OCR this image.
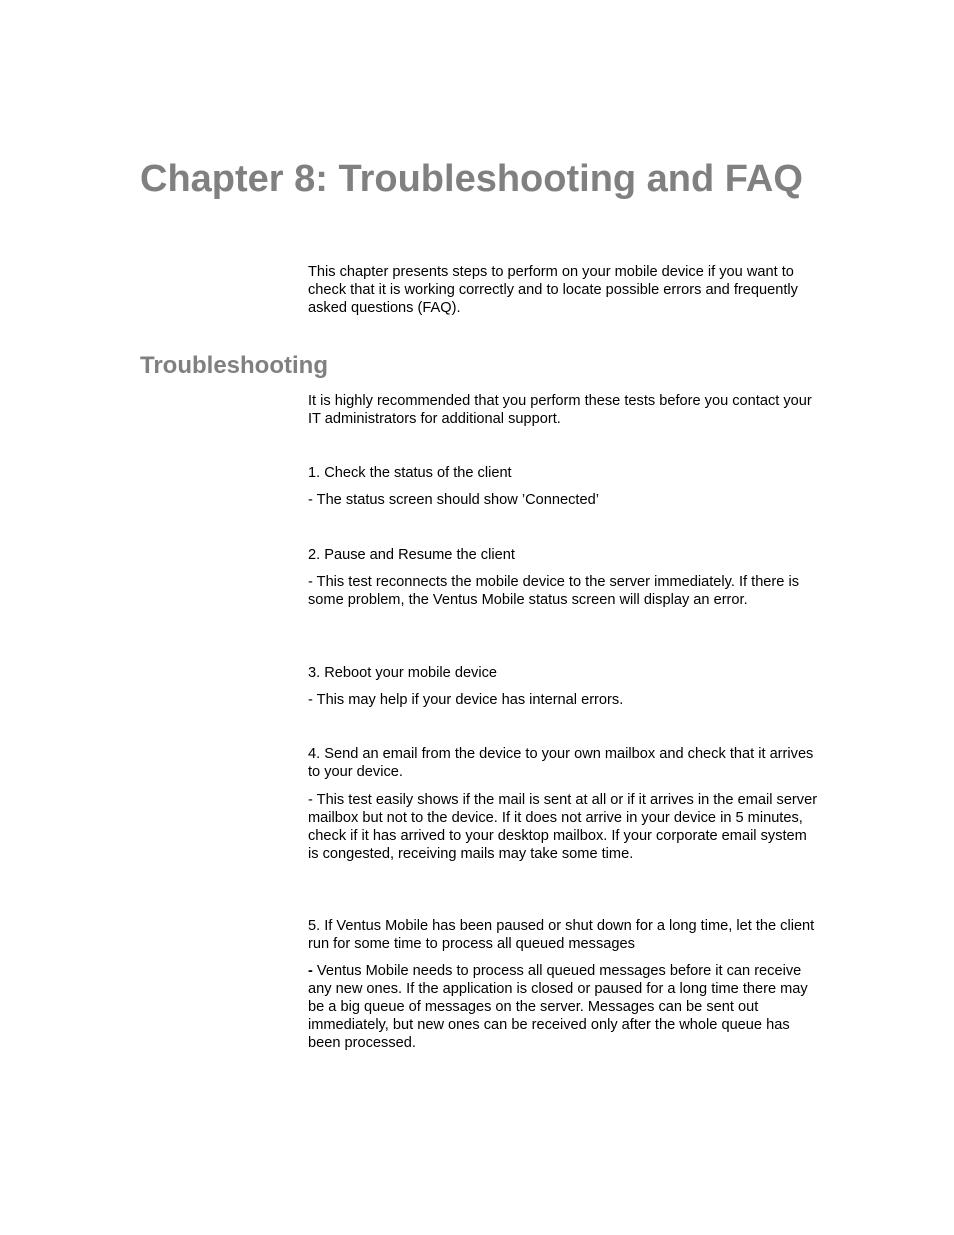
Chapter 8: Troubleshooting and FAQ

This chapter presents steps to perform on your mobile device if you want to check that it is working correctly and to locate possible errors and frequently asked questions (FAQ).

Troubleshooting

It is highly recommended that you perform these tests before you contact your IT administrators for additional support.

1. Check the status of the client

- The status screen should show ’Connected’

2. Pause and Resume the client

- This test reconnects the mobile device to the server immediately. If there is some problem, the Ventus Mobile status screen will display an error.

3. Reboot your mobile device

- This may help if your device has internal errors.

4. Send an email from the device to your own mailbox and check that it arrives to your device.

- This test easily shows if the mail is sent at all or if it arrives in the email server mailbox but not to the device. If it does not arrive in your device in 5 minutes, check if it has arrived to your desktop mailbox. If your corporate email system is congested, receiving mails may take some time.

5. If Ventus Mobile has been paused or shut down for a long time, let the client run for some time to process all queued messages

- Ventus Mobile needs to process all queued messages before it can receive any new ones. If the application is closed or paused for a long time there may be a big queue of messages on the server. Messages can be sent out immediately, but new ones can be received only after the whole queue has been processed.
